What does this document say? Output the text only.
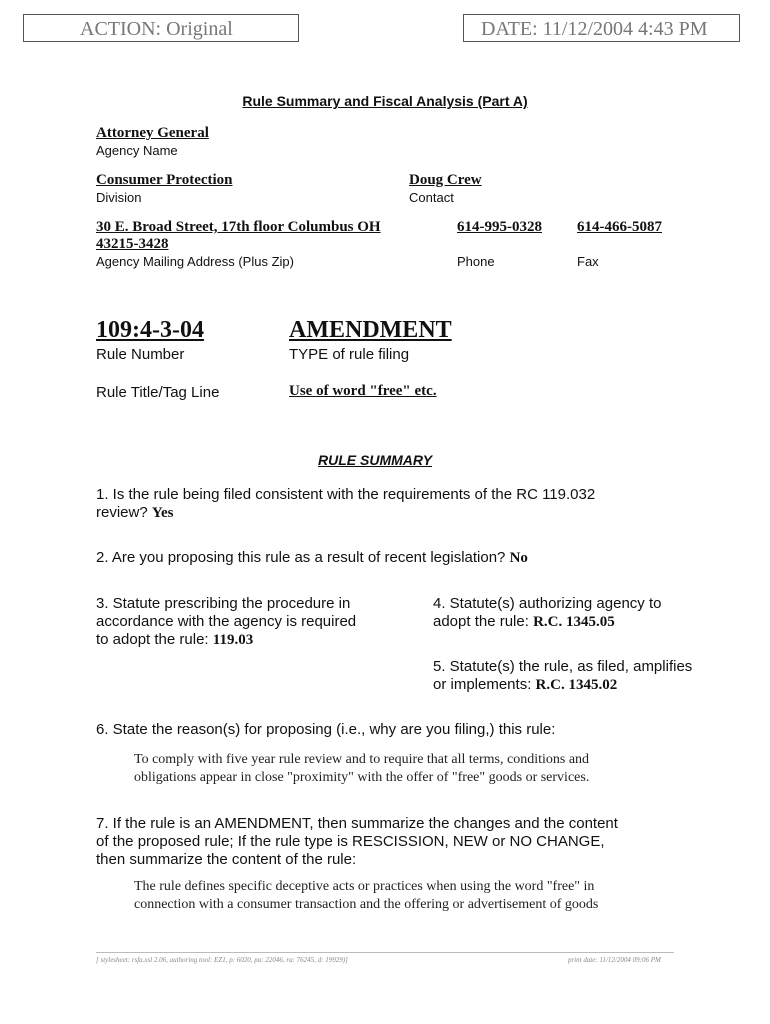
ACTION: Original	DATE: 11/12/2004 4:43 PM
Rule Summary and Fiscal Analysis (Part A)
Attorney General
Agency Name
Consumer Protection
Division
Doug Crew
Contact
30 E. Broad Street, 17th floor Columbus OH
43215-3428
Agency Mailing Address (Plus Zip)
614-995-0328
Phone
614-466-5087
Fax
109:4-3-04
Rule Number
AMENDMENT
TYPE of rule filing
Rule Title/Tag Line	Use of word "free" etc.
RULE SUMMARY
1. Is the rule being filed consistent with the requirements of the RC 119.032
review? Yes
2. Are you proposing this rule as a result of recent legislation? No
3. Statute prescribing the procedure in
accordance with the agency is required
to adopt the rule: 119.03
4. Statute(s) authorizing agency to
adopt the rule: R.C. 1345.05
5. Statute(s) the rule, as filed, amplifies
or implements: R.C. 1345.02
6. State the reason(s) for proposing (i.e., why are you filing,) this rule:
To comply with five year rule review and to require that all terms, conditions and
obligations appear in close "proximity" with the offer of "free" goods or services.
7. If the rule is an AMENDMENT, then summarize the changes and the content
of the proposed rule; If the rule type is RESCISSION, NEW or NO CHANGE,
then summarize the content of the rule:
The rule defines specific deceptive acts or practices when using the word "free" in
connection with a consumer transaction and the offering or advertisement of goods
[ stylesheet: rsfa.xsl 2.06, authoring tool: EZ1, p: 6020, pa: 22046, ra: 76245, d: 19929)]	print date: 11/12/2004 09:06 PM
